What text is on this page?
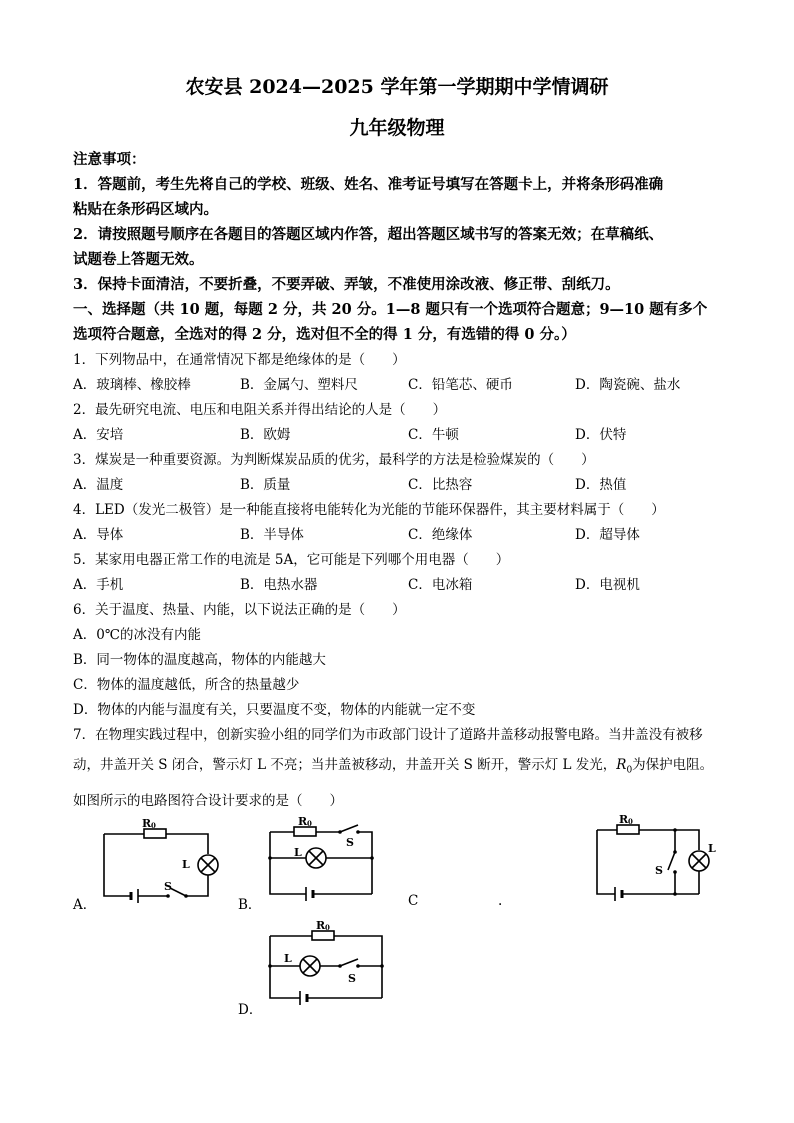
农安县 2024—2025 学年第一学期期中学情调研
九年级物理
注意事项：
1．答题前，考生先将自己的学校、班级、姓名、准考证号填写在答题卡上，并将条形码准确
粘贴在条形码区域内。
2．请按照题号顺序在各题目的答题区域内作答，超出答题区域书写的答案无效；在草稿纸、
试题卷上答题无效。
3．保持卡面清洁，不要折叠，不要弄破、弄皱，不准使用涂改液、修正带、刮纸刀。
一、选择题（共 10 题，每题 2 分，共 20 分。1—8 题只有一个选项符合题意；9—10 题有多个
选项符合题意，全选对的得 2 分，选对但不全的得 1 分，有选错的得 0 分。）
1．下列物品中，在通常情况下都是绝缘体的是（　　）
A．玻璃棒、橡胶棒	B．金属勺、塑料尺	C．铅笔芯、硬币	D．陶瓷碗、盐水
2．最先研究电流、电压和电阻关系并得出结论的人是（　　）
A．安培	B．欧姆	C．牛顿	D．伏特
3．煤炭是一种重要资源。为判断煤炭品质的优劣，最科学的方法是检验煤炭的（　　）
A．温度	B．质量	C．比热容	D．热值
4．LED（发光二极管）是一种能直接将电能转化为光能的节能环保器件，其主要材料属于（　　）
A．导体	B．半导体	C．绝缘体	D．超导体
5．某家用电器正常工作的电流是 5A，它可能是下列哪个用电器（　　）
A．手机	B．电热水器	C．电冰箱	D．电视机
6．关于温度、热量、内能，以下说法正确的是（　　）
A．0℃的冰没有内能
B．同一物体的温度越高，物体的内能越大
C．物体的温度越低，所含的热量越少
D．物体的内能与温度有关，只要温度不变，物体的内能就一定不变
7．在物理实践过程中，创新实验小组的同学们为市政部门设计了道路井盖移动报警电路。当井盖没有被移
动，井盖开关 S 闭合，警示灯 L 不亮；当井盖被移动，井盖开关 S 断开，警示灯 L 发光，$R_0$为保护电阻。
如图所示的电路图符合设计要求的是（　　）
R 0
L
S
A．
R 0
L
S
B．
R 0
L
S
C	.
R 0
L
S
D．
